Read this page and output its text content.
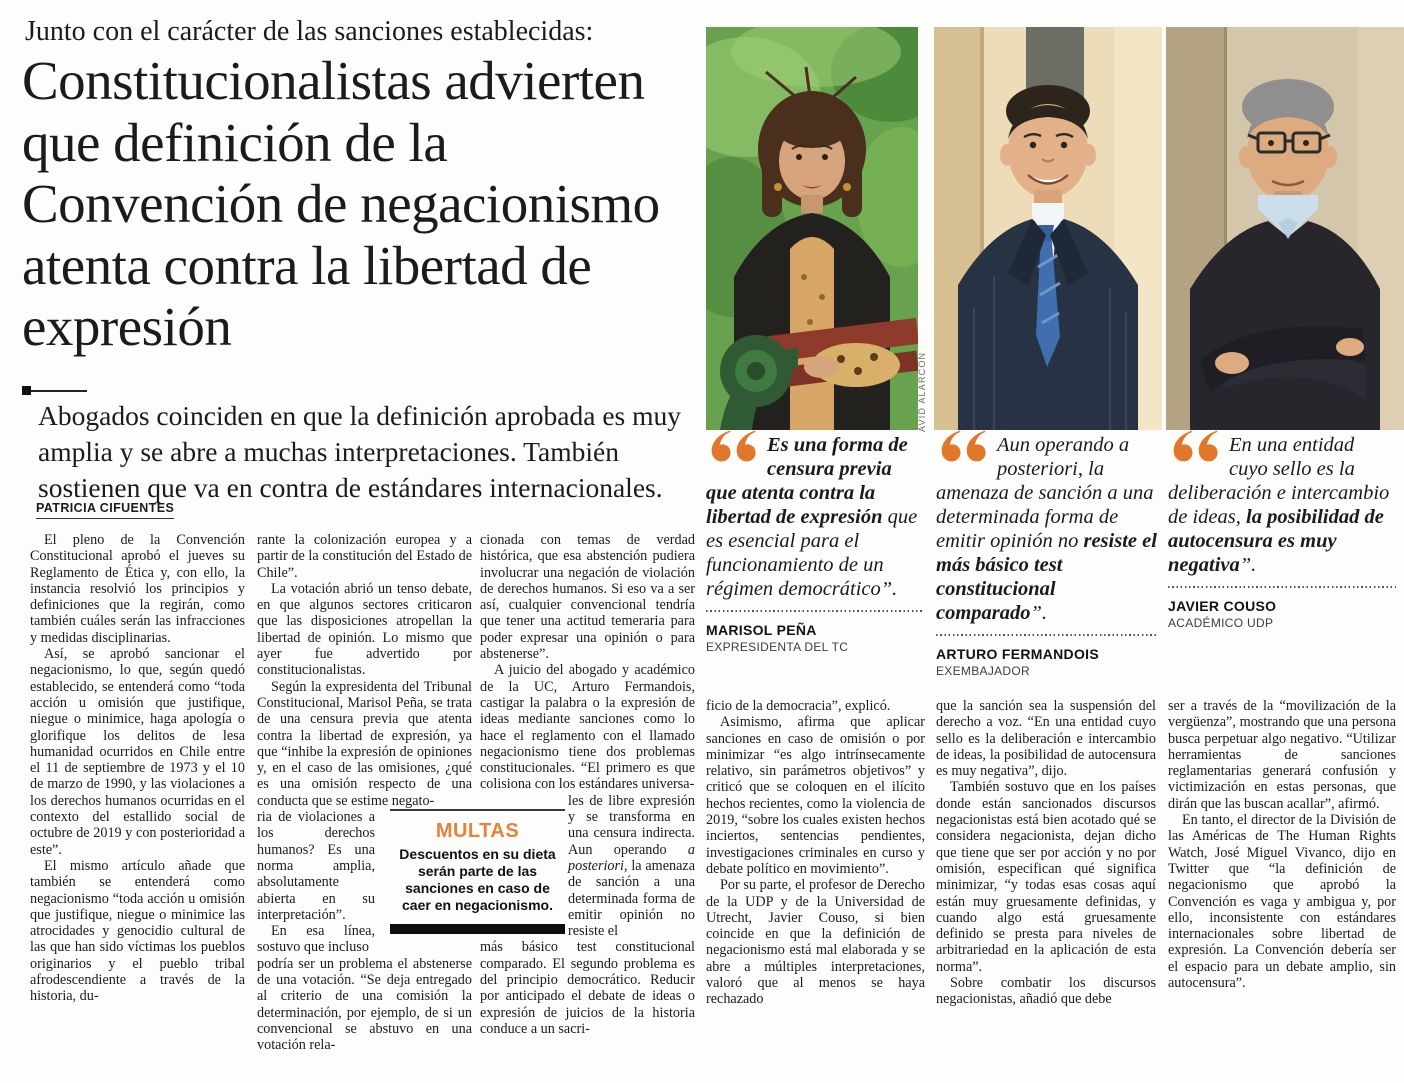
Junto con el carácter de las sanciones establecidas:
Constitucionalistas advierten que definición de la Convención de negacionismo atenta contra la libertad de expresión

Abogados coinciden en que la definición aprobada es muy amplia y se abre a muchas interpretaciones. También sostienen que va en contra de estándares internacionales.

PATRICIA CIFUENTES

El pleno de la Convención Constitucional aprobó el jueves su Reglamento de Ética y, con ello, la instancia resolvió los principios y definiciones que la regirán, como también cuáles serán las infracciones y medidas disciplinarias.

Así, se aprobó sancionar el negacionismo, lo que, según quedó establecido, se entenderá como “toda acción u omisión que justifique, niegue o minimice, haga apología o glorifique los delitos de lesa humanidad ocurridos en Chile entre el 11 de septiembre de 1973 y el 10 de marzo de 1990, y las violaciones a los derechos humanos ocurridas en el contexto del estallido social de octubre de 2019 y con posterioridad a este”.

El mismo artículo añade que también se entenderá como negacionismo “toda acción u omisión que justifique, niegue o minimice las atrocidades y genocidio cultural de las que han sido víctimas los pueblos originarios y el pueblo tribal afrodescendiente a través de la historia, du-

rante la colonización europea y a partir de la constitución del Estado de Chile”.

La votación abrió un tenso debate, en que algunos sectores criticaron que las disposiciones atropellan la libertad de opinión. Lo mismo que ayer fue advertido por constitucionalistas.

Según la expresidenta del Tribunal Constitucional, Marisol Peña, se trata de una censura previa que atenta contra la libertad de expresión, ya que “inhibe la expresión de opiniones y, en el caso de las omisiones, ¿qué es una omisión respecto de una conducta que se estime negato-

ria de violaciones a los derechos humanos? Es una norma amplia, absolutamente abierta en su interpretación”.

En esa línea, sostuvo que incluso

podría ser un problema el abstenerse de una votación. “Se deja entregado al criterio de una comisión la determinación, por ejemplo, de si un convencional se abstuvo en una votación rela-

cionada con temas de verdad histórica, que esa abstención pudiera involucrar una negación de violación de derechos humanos. Si eso va a ser así, cualquier convencional tendría que tener una actitud temeraria para poder expresar una opinión o para abstenerse”.

A juicio del abogado y académico de la UC, Arturo Fermandois, castigar la palabra o la expresión de ideas mediante sanciones como lo hace el reglamento con el llamado negacionismo tiene dos problemas constitucionales. “El primero es que colisiona con los estándares universa-

les de libre expresión y se transforma en una censura indirecta. Aun operando a posteriori, la amenaza de sanción a una determinada forma de emitir opinión no resiste el

más básico test constitucional comparado. El segundo problema es del principio democrático. Reducir por anticipado el debate de ideas o expresión de juicios de la historia conduce a un sacri-

MULTAS
Descuentos en su dieta serán parte de las sanciones en caso de caer en negacionismo.
AVID ALARCÓN
Es una forma de censura previa que atenta contra la libertad de expresión que es esencial para el funcionamiento de un régimen democrático”.
MARISOL PEÑA
EXPRESIDENTA DEL TC
Aun operando a posteriori, la amenaza de sanción a una determinada forma de emitir opinión no resiste el más básico test constitucional comparado”.
ARTURO FERMANDOIS
EXEMBAJADOR
En una entidad cuyo sello es la deliberación e intercambio de ideas, la posibilidad de autocensura es muy negativa”.
JAVIER COUSO
ACADÉMICO UDP

ficio de la democracia”, explicó.

Asimismo, afirma que aplicar sanciones en caso de omisión o por minimizar “es algo intrínsecamente relativo, sin parámetros objetivos” y criticó que se coloquen en el ilícito hechos recientes, como la violencia de 2019, “sobre los cuales existen hechos inciertos, sentencias pendientes, investigaciones criminales en curso y debate político en movimiento”.

Por su parte, el profesor de Derecho de la UDP y de la Universidad de Utrecht, Javier Couso, si bien coincide en que la definición de negacionismo está mal elaborada y se abre a múltiples interpretaciones, valoró que al menos se haya rechazado

que la sanción sea la suspensión del derecho a voz. “En una entidad cuyo sello es la deliberación e intercambio de ideas, la posibilidad de autocensura es muy negativa”, dijo.

También sostuvo que en los países donde están sancionados discursos negacionistas está bien acotado qué se considera negacionista, dejan dicho que tiene que ser por acción y no por omisión, especifican qué significa minimizar, “y todas esas cosas aquí están muy gruesamente definidas, y cuando algo está gruesamente definido se presta para niveles de arbitrariedad en la aplicación de esta norma”.

Sobre combatir los discursos negacionistas, añadió que debe

ser a través de la “movilización de la vergüenza”, mostrando que una persona busca perpetuar algo negativo. “Utilizar herramientas de sanciones reglamentarias generará confusión y victimización en estas personas, que dirán que las buscan acallar”, afirmó.

En tanto, el director de la División de las Américas de The Human Rights Watch, José Miguel Vivanco, dijo en Twitter que “la definición de negacionismo que aprobó la Convención es vaga y ambigua y, por ello, inconsistente con estándares internacionales sobre libertad de expresión. La Convención debería ser el espacio para un debate amplio, sin autocensura”.
